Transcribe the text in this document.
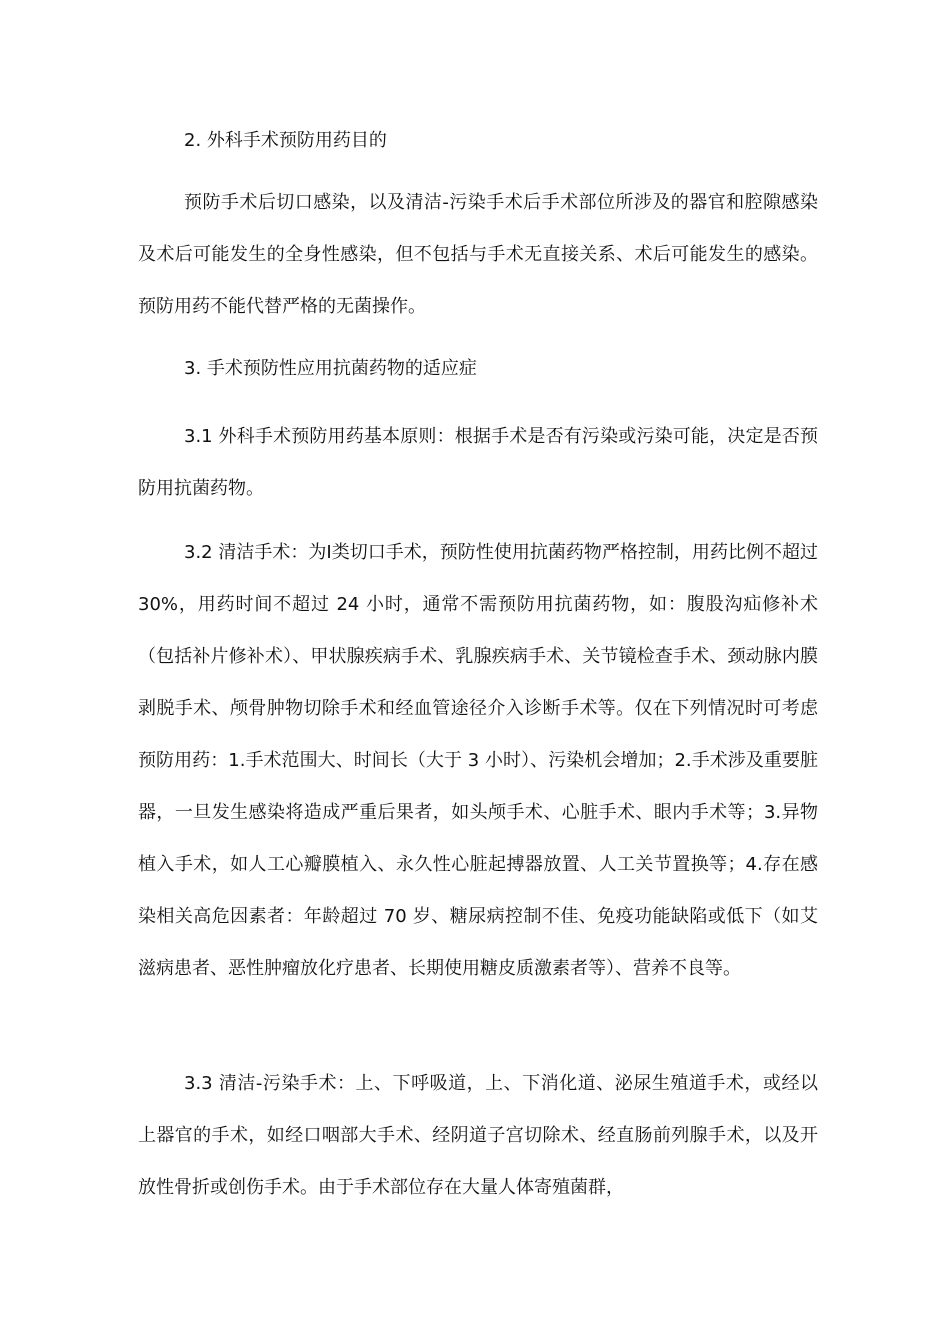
2. 外科手术预防用药目的

预防手术后切口感染，以及清洁-污染手术后手术部位所涉及的器官和腔隙感染及术后可能发生的全身性感染，但不包括与手术无直接关系、术后可能发生的感染。预防用药不能代替严格的无菌操作。

3. 手术预防性应用抗菌药物的适应症

3.1 外科手术预防用药基本原则：根据手术是否有污染或污染可能，决定是否预防用抗菌药物。

3.2 清洁手术：为Ⅰ类切口手术，预防性使用抗菌药物严格控制，用药比例不超过 30%，用药时间不超过 24 小时，通常不需预防用抗菌药物，如：腹股沟疝修补术（包括补片修补术）、甲状腺疾病手术、乳腺疾病手术、关节镜检查手术、颈动脉内膜剥脱手术、颅骨肿物切除手术和经血管途径介入诊断手术等。仅在下列情况时可考虑预防用药：1.手术范围大、时间长（大于 3 小时）、污染机会增加；2.手术涉及重要脏器，一旦发生感染将造成严重后果者，如头颅手术、心脏手术、眼内手术等；3.异物植入手术，如人工心瓣膜植入、永久性心脏起搏器放置、人工关节置换等；4.存在感染相关高危因素者：年龄超过 70 岁、糖尿病控制不佳、免疫功能缺陷或低下（如艾滋病患者、恶性肿瘤放化疗患者、长期使用糖皮质激素者等）、营养不良等。

3.3 清洁-污染手术：上、下呼吸道，上、下消化道、泌尿生殖道手术，或经以上器官的手术，如经口咽部大手术、经阴道子宫切除术、经直肠前列腺手术，以及开放性骨折或创伤手术。由于手术部位存在大量人体寄殖菌群，
